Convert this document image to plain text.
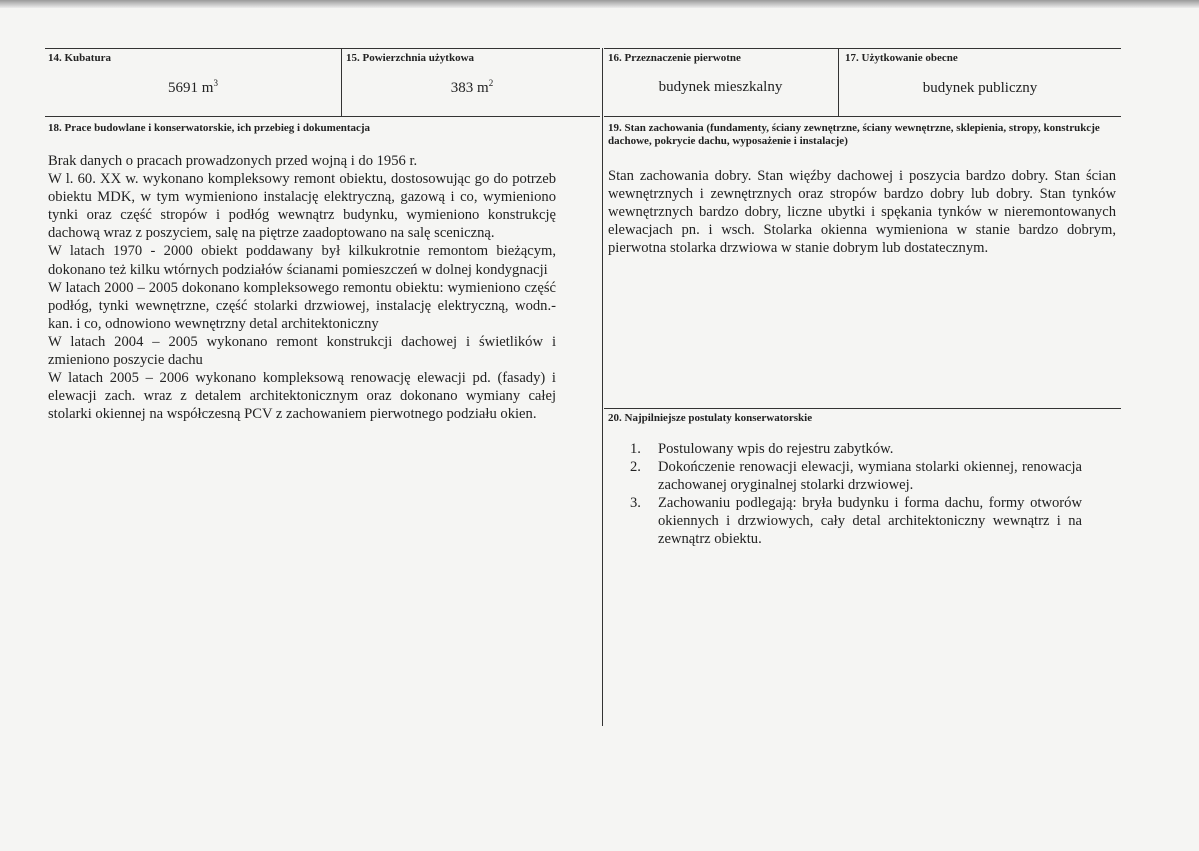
14. Kubatura
5691 $m^3$
15. Powierzchnia użytkowa
383 $m^2$
16. Przeznaczenie pierwotne
budynek mieszkalny
17. Użytkowanie obecne
budynek publiczny
18. Prace budowlane i konserwatorskie, ich przebieg i dokumentacja

Brak danych o pracach prowadzonych przed wojną i do 1956 r.

W l. 60. XX w. wykonano kompleksowy remont obiektu, dostosowując go do potrzeb obiektu MDK, w tym wymieniono instalację elektryczną, gazową i co, wymieniono tynki oraz część stropów i podłóg wewnątrz budynku, wymieniono konstrukcję dachową wraz z poszyciem, salę na piętrze zaadoptowano na salę sceniczną.

W latach 1970 - 2000 obiekt poddawany był kilkukrotnie remontom bieżącym, dokonano też kilku wtórnych podziałów ścianami pomieszczeń w dolnej kondygnacji

W latach 2000 – 2005 dokonano kompleksowego remontu obiektu: wymieniono część podłóg, tynki wewnętrzne, część stolarki drzwiowej, instalację elektryczną, wodn.-kan. i co, odnowiono wewnętrzny detal architektoniczny

W latach 2004 – 2005 wykonano remont konstrukcji dachowej i świetlików i zmieniono poszycie dachu

W latach 2005 – 2006 wykonano kompleksową renowację elewacji pd. (fasady) i elewacji zach. wraz z detalem architektonicznym oraz dokonano wymiany całej stolarki okiennej na współczesną PCV z zachowaniem pierwotnego podziału okien.

19. Stan zachowania (fundamenty, ściany zewnętrzne, ściany wewnętrzne, sklepienia, stropy, konstrukcje dachowe, pokrycie dachu, wyposażenie i instalacje)
Stan zachowania dobry. Stan więźby dachowej i poszycia bardzo dobry. Stan ścian wewnętrznych i zewnętrznych oraz stropów bardzo dobry lub dobry. Stan tynków wewnętrznych bardzo dobry, liczne ubytki i spękania tynków w nieremontowanych elewacjach pn. i wsch. Stolarka okienna wymieniona w stanie bardzo dobrym, pierwotna stolarka drzwiowa w stanie dobrym lub dostatecznym.
20. Najpilniejsze postulaty konserwatorskie
1.	Postulowany wpis do rejestru zabytków.
2.	Dokończenie renowacji elewacji, wymiana stolarki okiennej, renowacja zachowanej oryginalnej stolarki drzwiowej.
3.	Zachowaniu podlegają: bryła budynku i forma dachu, formy otworów okiennych i drzwiowych, cały detal architektoniczny wewnątrz i na zewnątrz obiektu.
